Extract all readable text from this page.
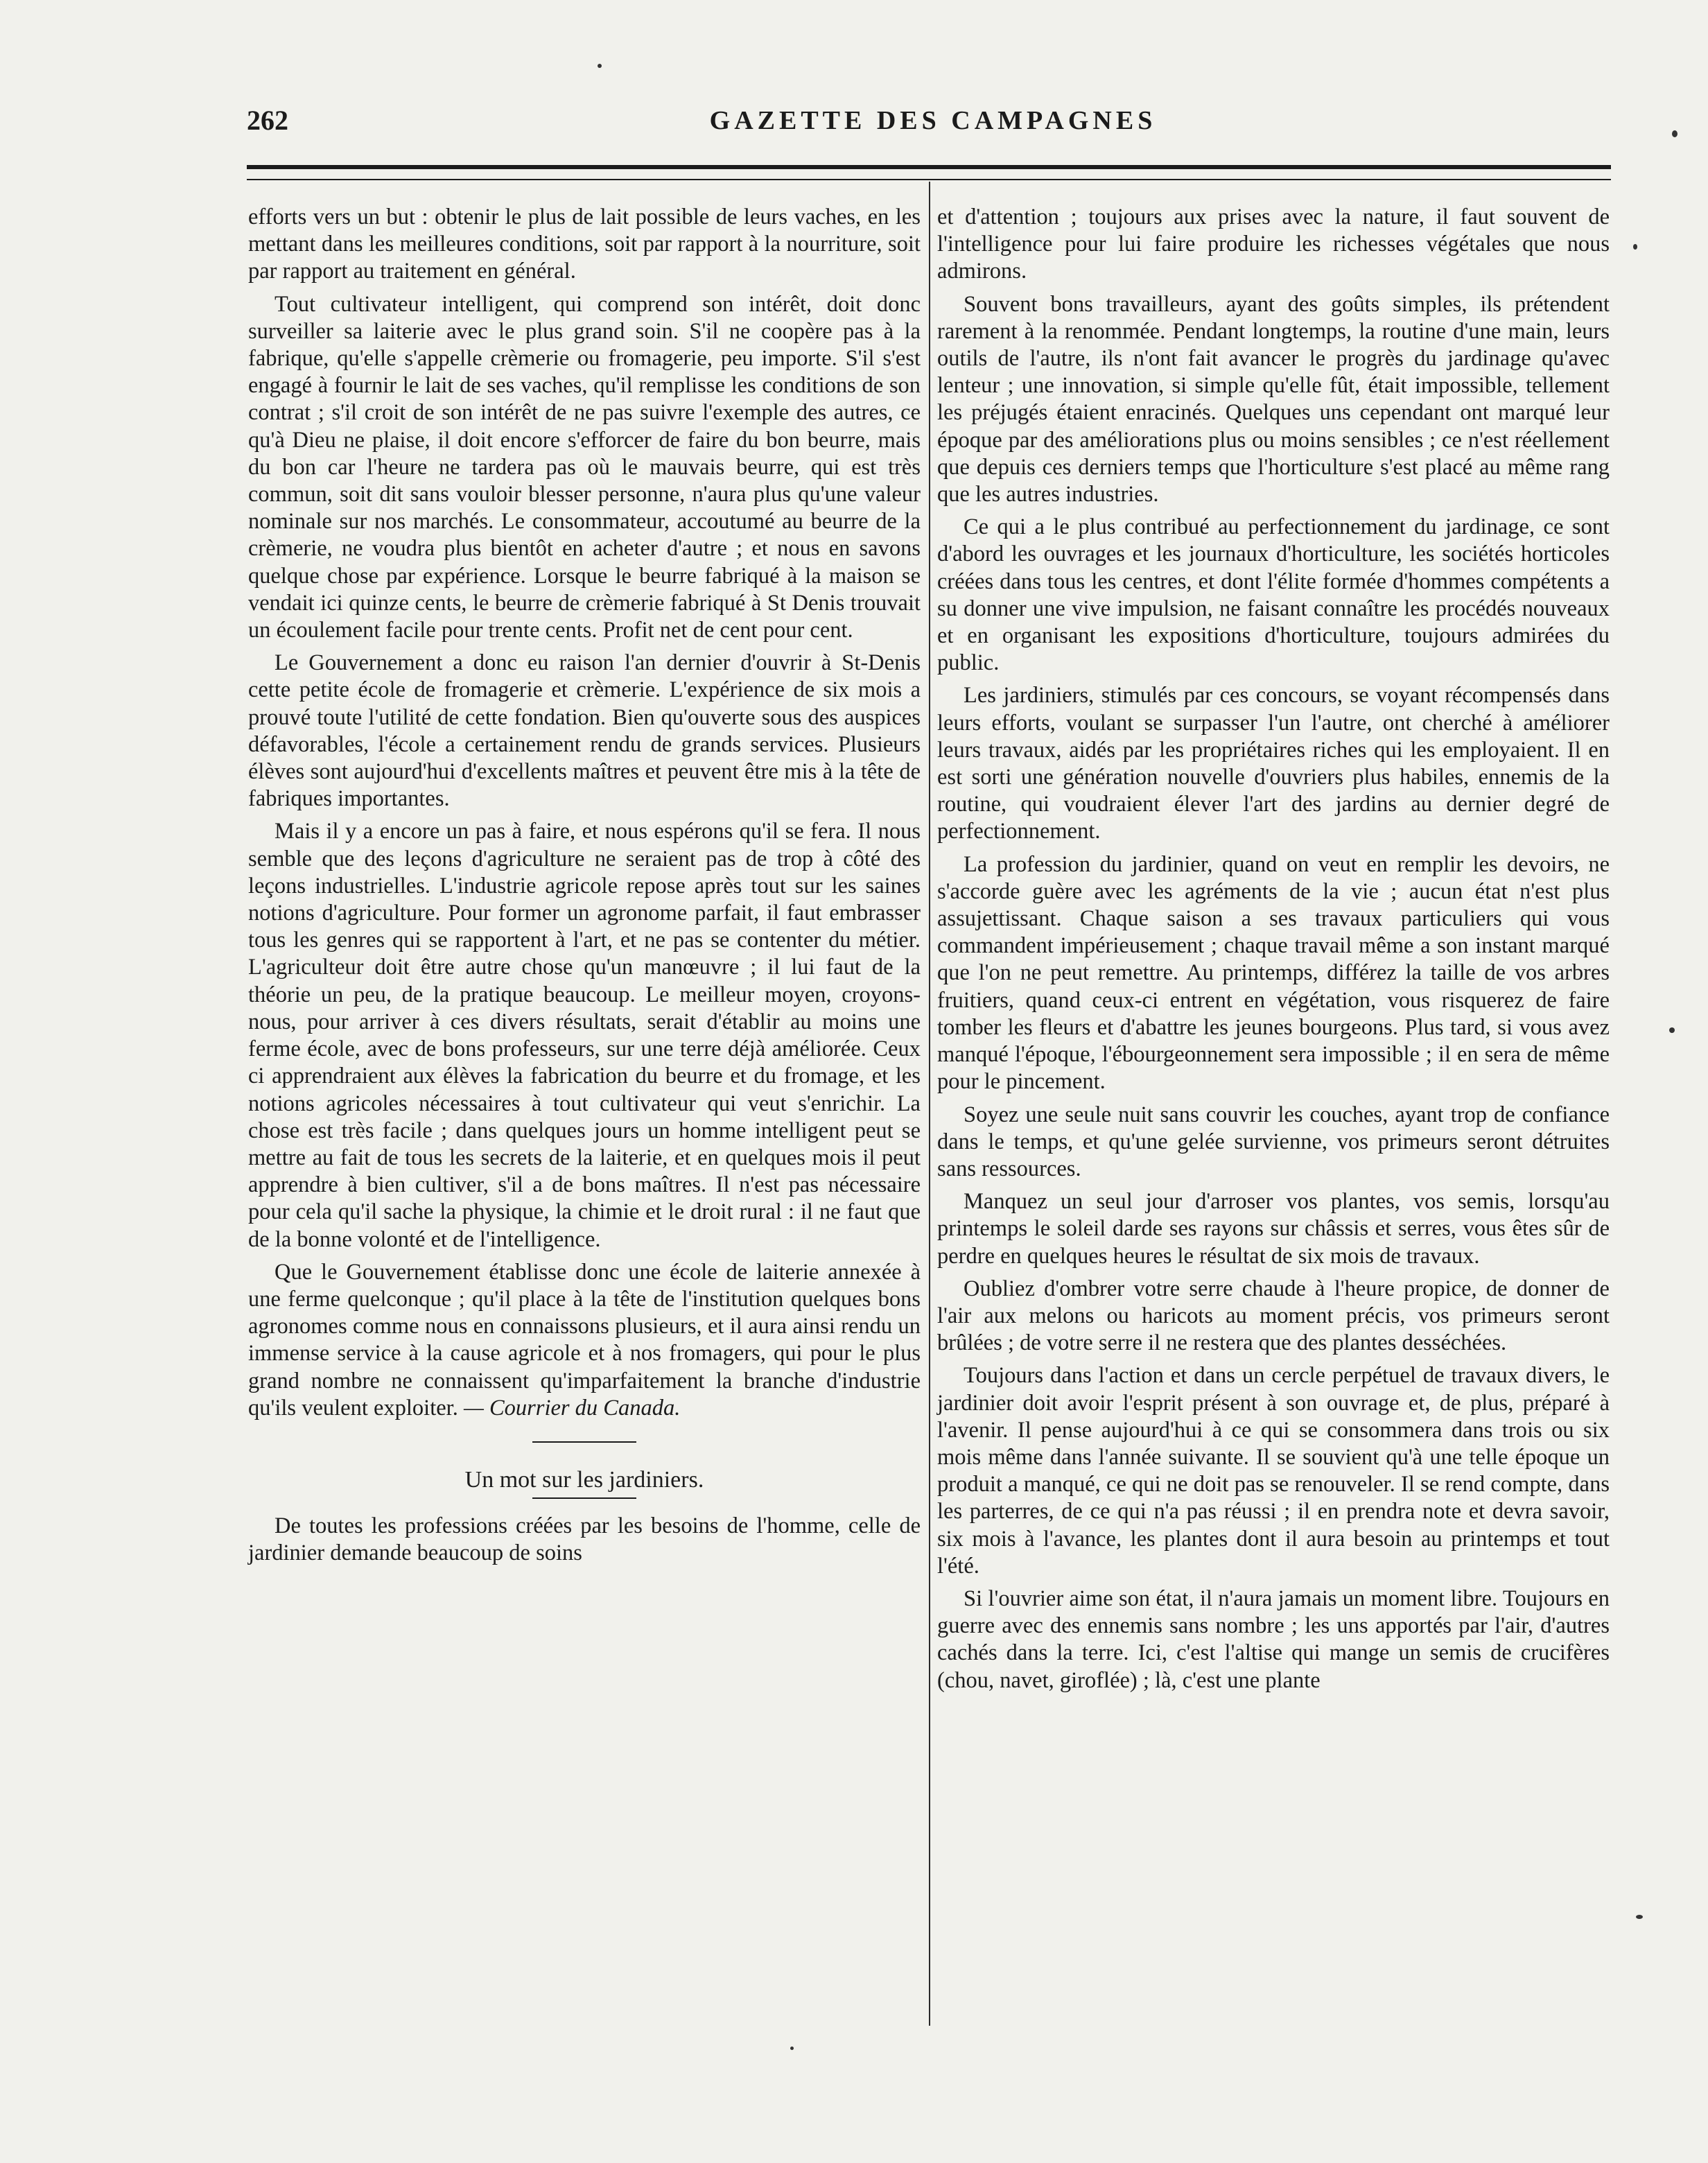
262	GAZETTE DES CAMPAGNES

efforts vers un but : obtenir le plus de lait possible de leurs vaches, en les mettant dans les meilleures conditions, soit par rapport à la nourriture, soit par rapport au traitement en général.

Tout cultivateur intelligent, qui comprend son intérêt, doit donc surveiller sa laiterie avec le plus grand soin. S'il ne coopère pas à la fabrique, qu'elle s'appelle crèmerie ou fromagerie, peu importe. S'il s'est engagé à fournir le lait de ses vaches, qu'il remplisse les conditions de son contrat ; s'il croit de son intérêt de ne pas suivre l'exemple des autres, ce qu'à Dieu ne plaise, il doit encore s'efforcer de faire du bon beurre, mais du bon car l'heure ne tardera pas où le mauvais beurre, qui est très commun, soit dit sans vouloir blesser personne, n'aura plus qu'une valeur nominale sur nos marchés. Le consommateur, accoutumé au beurre de la crèmerie, ne voudra plus bientôt en acheter d'autre ; et nous en savons quelque chose par expérience. Lorsque le beurre fabriqué à la maison se vendait ici quinze cents, le beurre de crèmerie fabriqué à St Denis trouvait un écoulement facile pour trente cents. Profit net de cent pour cent.

Le Gouvernement a donc eu raison l'an dernier d'ouvrir à St-Denis cette petite école de fromagerie et crèmerie. L'expérience de six mois a prouvé toute l'utilité de cette fondation. Bien qu'ouverte sous des auspices défavorables, l'école a certainement rendu de grands services. Plusieurs élèves sont aujourd'hui d'excellents maîtres et peuvent être mis à la tête de fabriques importantes.

Mais il y a encore un pas à faire, et nous espérons qu'il se fera. Il nous semble que des leçons d'agriculture ne seraient pas de trop à côté des leçons industrielles. L'industrie agricole repose après tout sur les saines notions d'agriculture. Pour former un agronome parfait, il faut embrasser tous les genres qui se rapportent à l'art, et ne pas se contenter du métier. L'agriculteur doit être autre chose qu'un manœuvre ; il lui faut de la théorie un peu, de la pratique beaucoup. Le meilleur moyen, croyons-nous, pour arriver à ces divers résultats, serait d'établir au moins une ferme école, avec de bons professeurs, sur une terre déjà améliorée. Ceux ci apprendraient aux élèves la fabrication du beurre et du fromage, et les notions agricoles nécessaires à tout cultivateur qui veut s'enrichir. La chose est très facile ; dans quelques jours un homme intelligent peut se mettre au fait de tous les secrets de la laiterie, et en quelques mois il peut apprendre à bien cultiver, s'il a de bons maîtres. Il n'est pas nécessaire pour cela qu'il sache la physique, la chimie et le droit rural : il ne faut que de la bonne volonté et de l'intelligence.

Que le Gouvernement établisse donc une école de laiterie annexée à une ferme quelconque ; qu'il place à la tête de l'institution quelques bons agronomes comme nous en connaissons plusieurs, et il aura ainsi rendu un immense service à la cause agricole et à nos fromagers, qui pour le plus grand nombre ne connaissent qu'imparfaitement la branche d'industrie qu'ils veulent exploiter. — Courrier du Canada.

Un mot sur les jardiniers.

De toutes les professions créées par les besoins de l'homme, celle de jardinier demande beaucoup de soins

et d'attention ; toujours aux prises avec la nature, il faut souvent de l'intelligence pour lui faire produire les richesses végétales que nous admirons.

Souvent bons travailleurs, ayant des goûts simples, ils prétendent rarement à la renommée. Pendant longtemps, la routine d'une main, leurs outils de l'autre, ils n'ont fait avancer le progrès du jardinage qu'avec lenteur ; une innovation, si simple qu'elle fût, était impossible, tellement les préjugés étaient enracinés. Quelques uns cependant ont marqué leur époque par des améliorations plus ou moins sensibles ; ce n'est réellement que depuis ces derniers temps que l'horticulture s'est placé au même rang que les autres industries.

Ce qui a le plus contribué au perfectionnement du jardinage, ce sont d'abord les ouvrages et les journaux d'horticulture, les sociétés horticoles créées dans tous les centres, et dont l'élite formée d'hommes compétents a su donner une vive impulsion, ne faisant connaître les procédés nouveaux et en organisant les expositions d'horticulture, toujours admirées du public.

Les jardiniers, stimulés par ces concours, se voyant récompensés dans leurs efforts, voulant se surpasser l'un l'autre, ont cherché à améliorer leurs travaux, aidés par les propriétaires riches qui les employaient. Il en est sorti une génération nouvelle d'ouvriers plus habiles, ennemis de la routine, qui voudraient élever l'art des jardins au dernier degré de perfectionnement.

La profession du jardinier, quand on veut en remplir les devoirs, ne s'accorde guère avec les agréments de la vie ; aucun état n'est plus assujettissant. Chaque saison a ses travaux particuliers qui vous commandent impérieusement ; chaque travail même a son instant marqué que l'on ne peut remettre. Au printemps, différez la taille de vos arbres fruitiers, quand ceux-ci entrent en végétation, vous risquerez de faire tomber les fleurs et d'abattre les jeunes bourgeons. Plus tard, si vous avez manqué l'époque, l'ébourgeonnement sera impossible ; il en sera de même pour le pincement.

Soyez une seule nuit sans couvrir les couches, ayant trop de confiance dans le temps, et qu'une gelée survienne, vos primeurs seront détruites sans ressources.

Manquez un seul jour d'arroser vos plantes, vos semis, lorsqu'au printemps le soleil darde ses rayons sur châssis et serres, vous êtes sûr de perdre en quelques heures le résultat de six mois de travaux.

Oubliez d'ombrer votre serre chaude à l'heure propice, de donner de l'air aux melons ou haricots au moment précis, vos primeurs seront brûlées ; de votre serre il ne restera que des plantes desséchées.

Toujours dans l'action et dans un cercle perpétuel de travaux divers, le jardinier doit avoir l'esprit présent à son ouvrage et, de plus, préparé à l'avenir. Il pense aujourd'hui à ce qui se consommera dans trois ou six mois même dans l'année suivante. Il se souvient qu'à une telle époque un produit a manqué, ce qui ne doit pas se renouveler. Il se rend compte, dans les parterres, de ce qui n'a pas réussi ; il en prendra note et devra savoir, six mois à l'avance, les plantes dont il aura besoin au printemps et tout l'été.

Si l'ouvrier aime son état, il n'aura jamais un moment libre. Toujours en guerre avec des ennemis sans nombre ; les uns apportés par l'air, d'autres cachés dans la terre. Ici, c'est l'altise qui mange un semis de crucifères (chou, navet, giroflée) ; là, c'est une plante
